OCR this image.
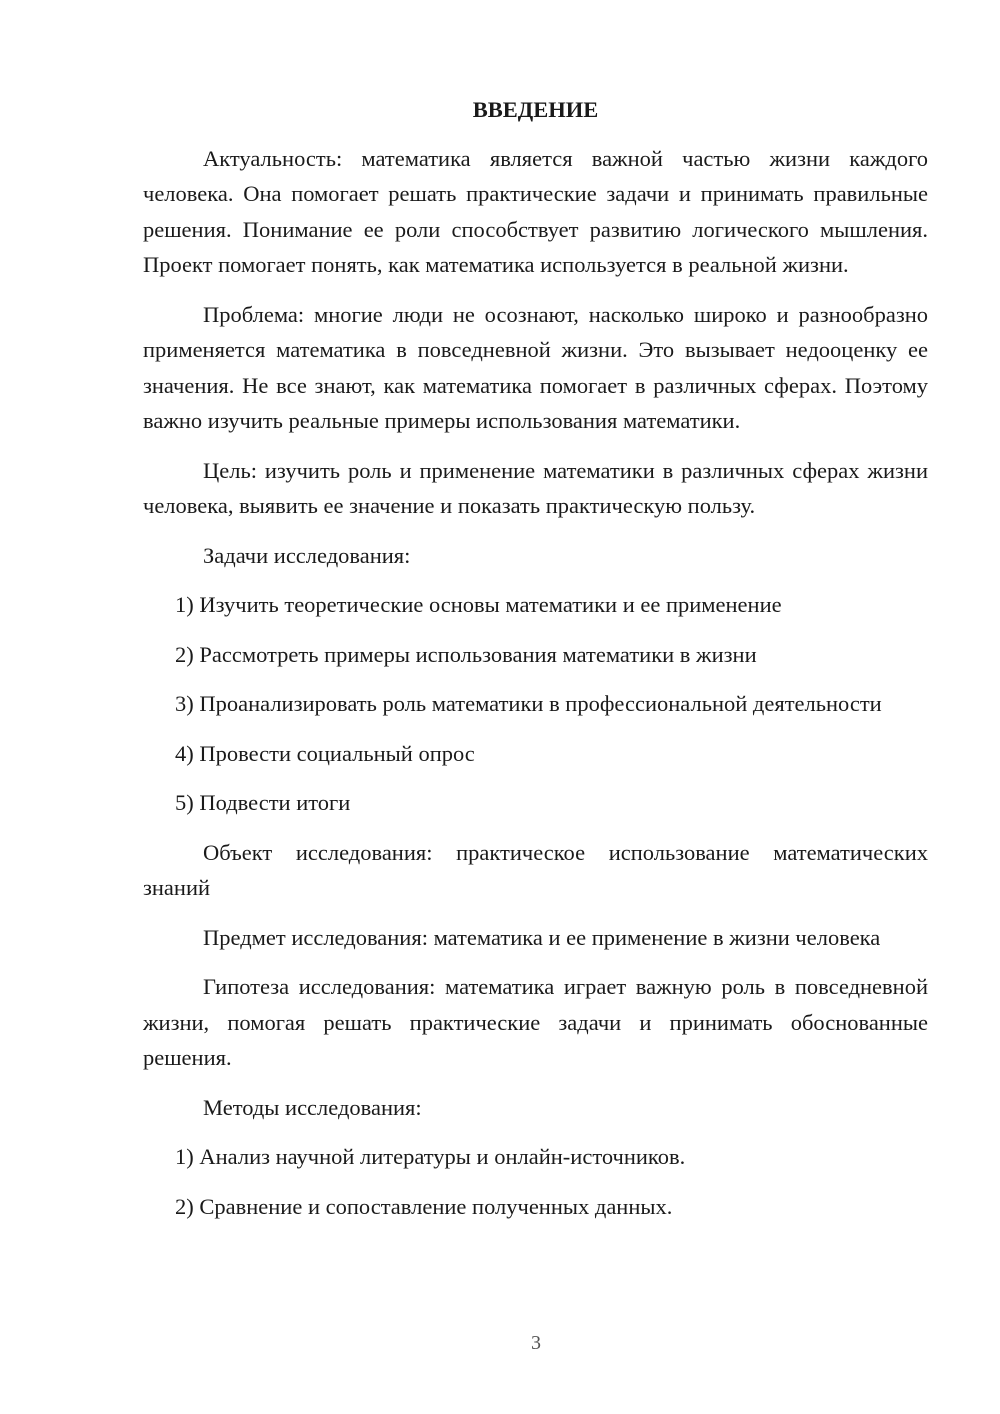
ВВЕДЕНИЕ

Актуальность: математика является важной частью жизни каждого человека. Она помогает решать практические задачи и принимать правильные решения. Понимание ее роли способствует развитию логического мышления. Проект помогает понять, как математика используется в реальной жизни.

Проблема: многие люди не осознают, насколько широко и разнообразно применяется математика в повседневной жизни. Это вызывает недооценку ее значения. Не все знают, как математика помогает в различных сферах. Поэтому важно изучить реальные примеры использования математики.

Цель: изучить роль и применение математики в различных сферах жизни человека, выявить ее значение и показать практическую пользу.

Задачи исследования:

1) Изучить теоретические основы математики и ее применение

2) Рассмотреть примеры использования математики в жизни

3) Проанализировать роль математики в профессиональной деятельности

4) Провести социальный опрос

5) Подвести итоги

Объект исследования: практическое использование математических знаний

Предмет исследования: математика и ее применение в жизни человека

Гипотеза исследования: математика играет важную роль в повседневной жизни, помогая решать практические задачи и принимать обоснованные решения.

Методы исследования:

1) Анализ научной литературы и онлайн-источников.

2) Сравнение и сопоставление полученных данных.

3
